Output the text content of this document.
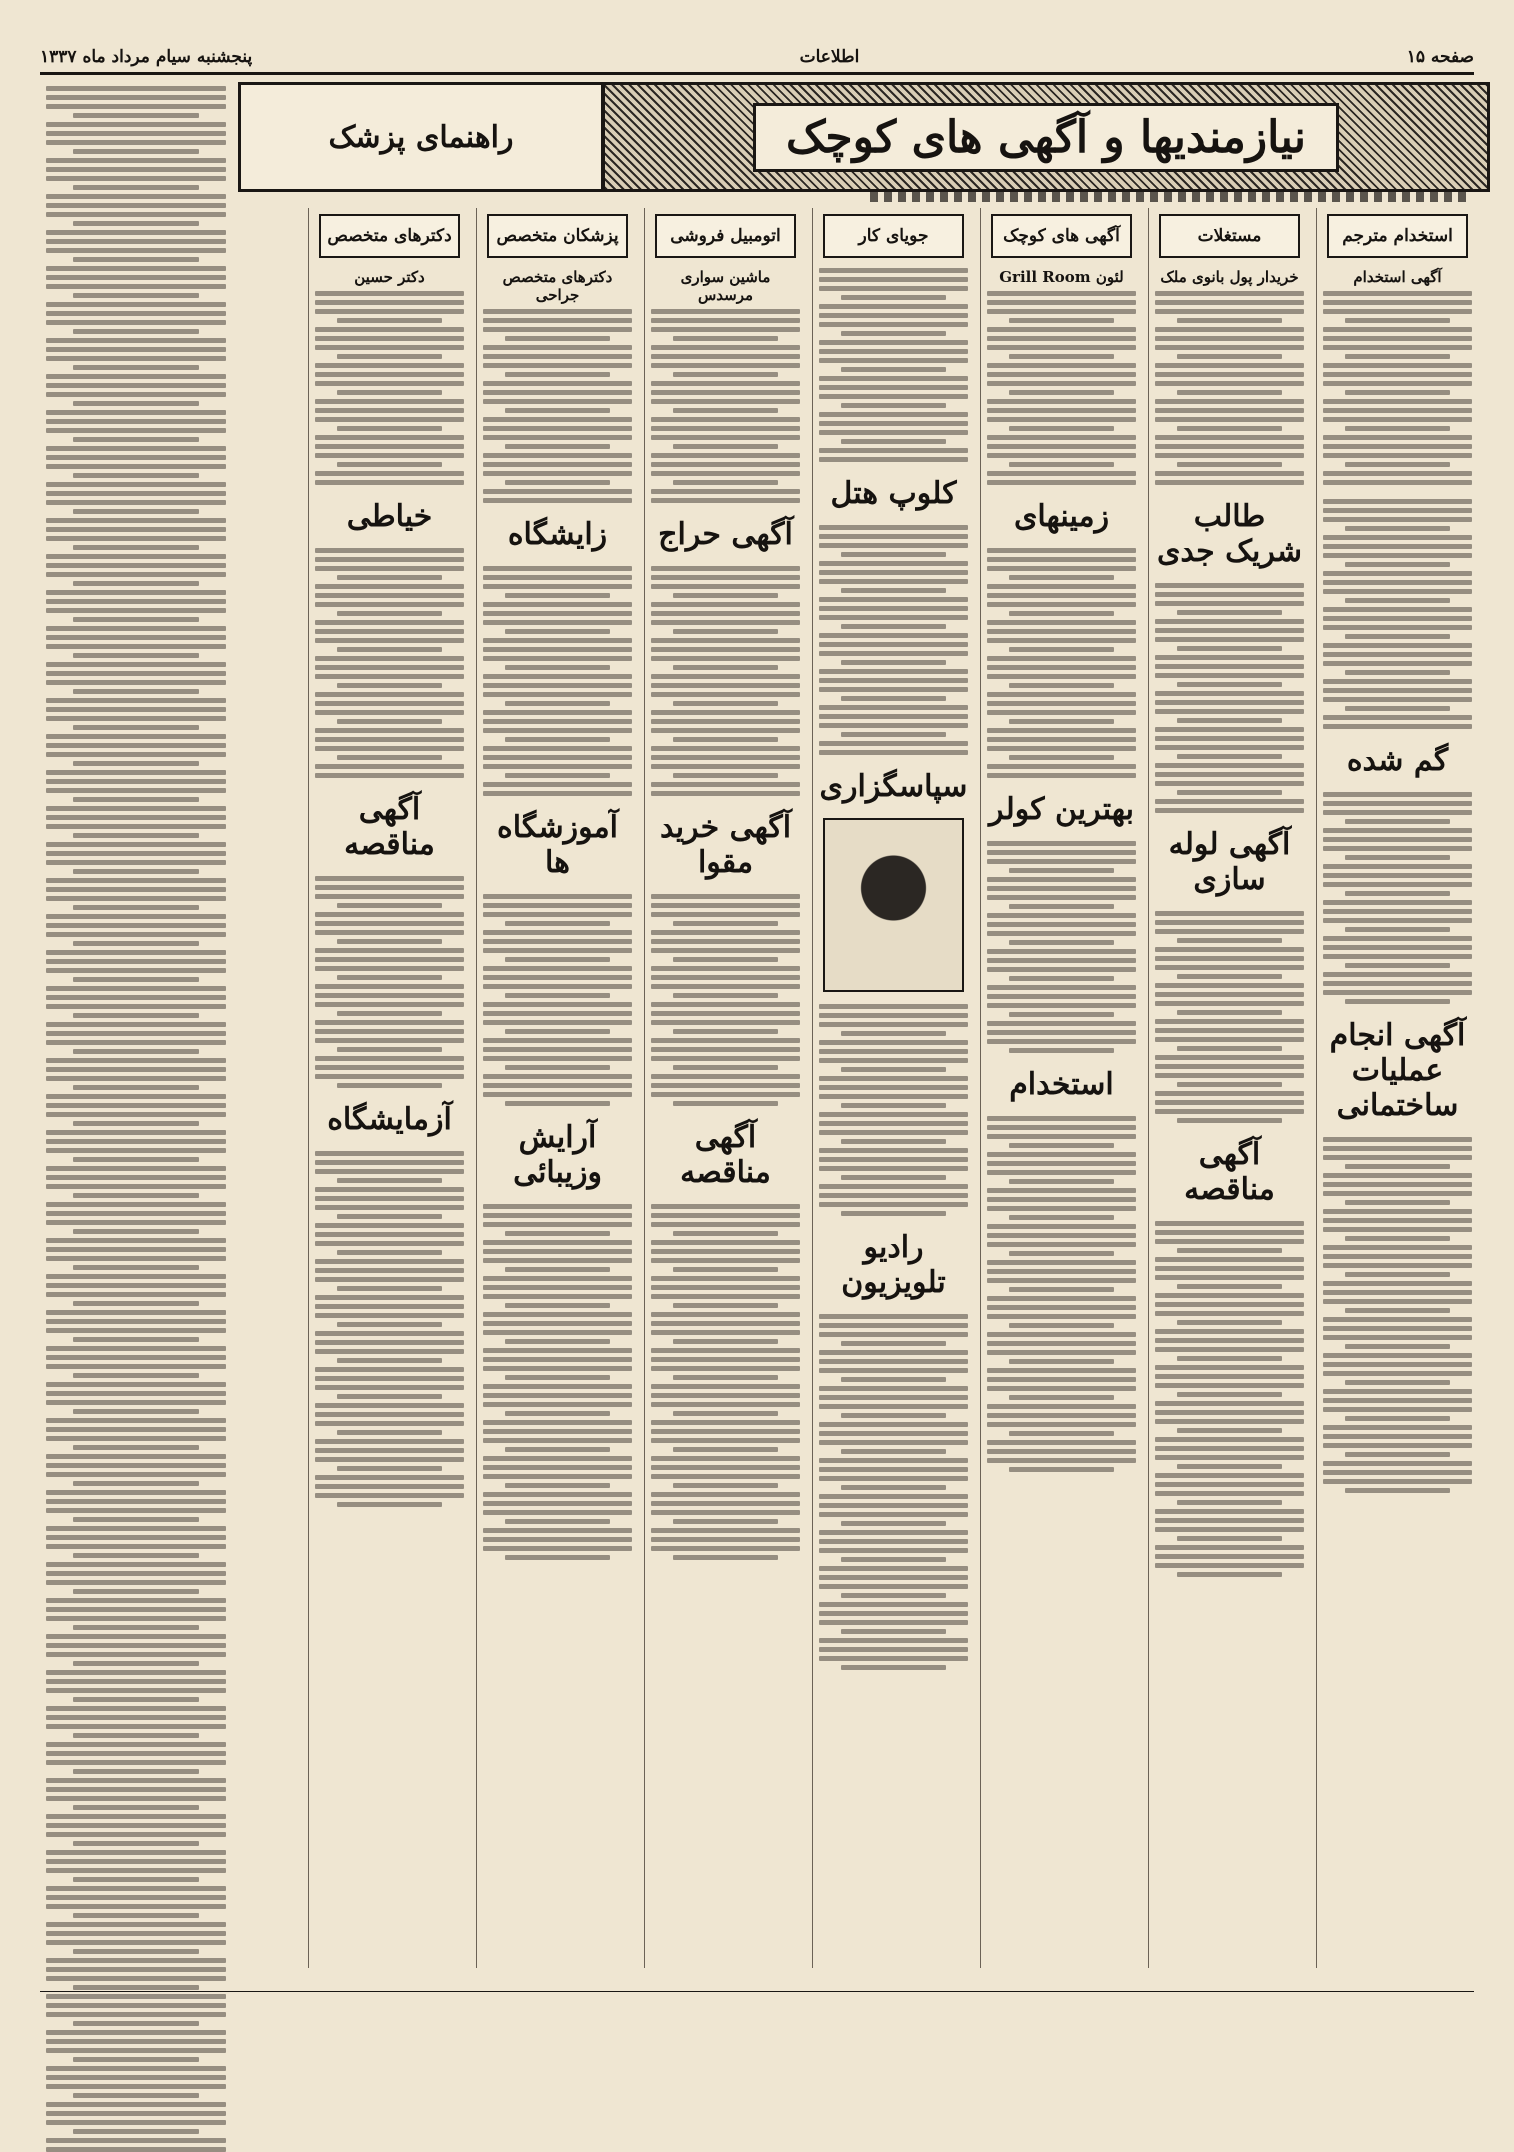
صفحه ۱۵
اطلاعات
پنجشنبه سیام مرداد ماه ۱۳۳۷
نیازمندیها و آگهی های کوچک
راهنمای پزشک
استخدام مترجم
آگهی استخدام
گم شده
آگهی انجام عملیات ساختمانی
مستغلات
خریدار پول بانوی ملک
طالب شریک جدی
آگهی لوله سازی
آگهی مناقصه
آگهی های کوچک
لئون Grill Room
زمینهای
بهترین کولر
استخدام
جویای کار
کلوپ هتل
سپاسگزاری
رادیو تلویزیون
اتومبیل فروشی
ماشین سواری مرسدس
آگهی حراج
آگهی خرید مقوا
آگهی مناقصه
پزشکان متخصص
دکترهای متخصص جراحی
زایشگاه
آموزشگاه ها
آرایش وزیبائی
دکترهای متخصص
دکتر حسین
خیاطی
آگهی مناقصه
آزمایشگاه
